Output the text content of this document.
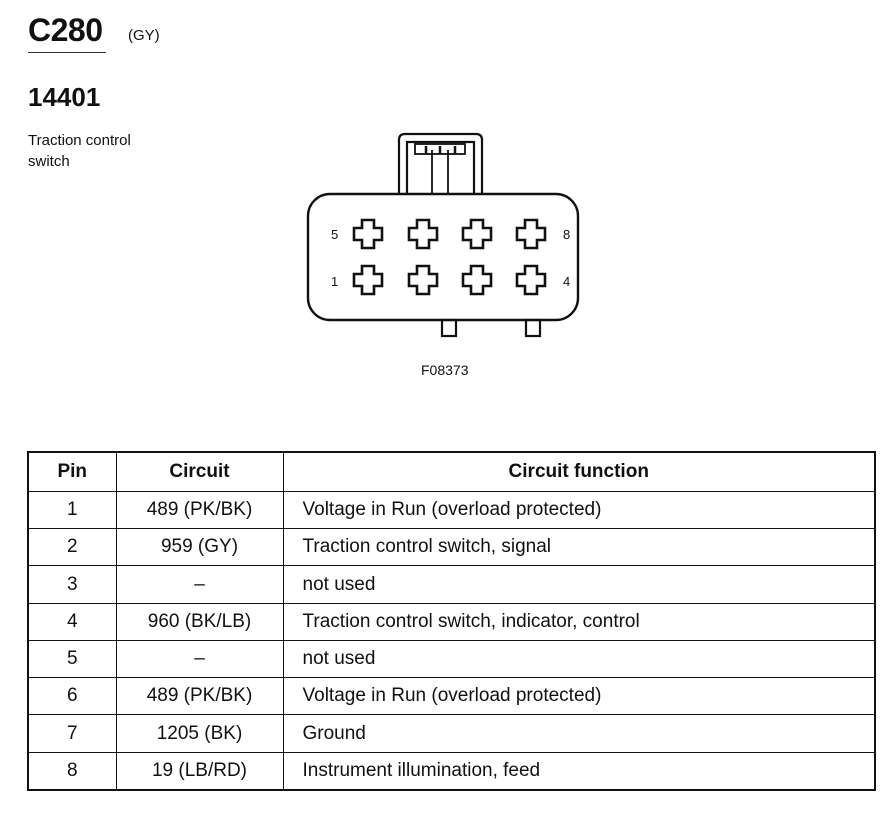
C280 (GY)
14401
Traction control switch
5	8
1	4
F08373
Pin	Circuit	Circuit function
1	489 (PK/BK)	Voltage in Run (overload protected)
2	959 (GY)	Traction control switch, signal
3	–	not used
4	960 (BK/LB)	Traction control switch, indicator, control
5	–	not used
6	489 (PK/BK)	Voltage in Run (overload protected)
7	1205 (BK)	Ground
8	19 (LB/RD)	Instrument illumination, feed
